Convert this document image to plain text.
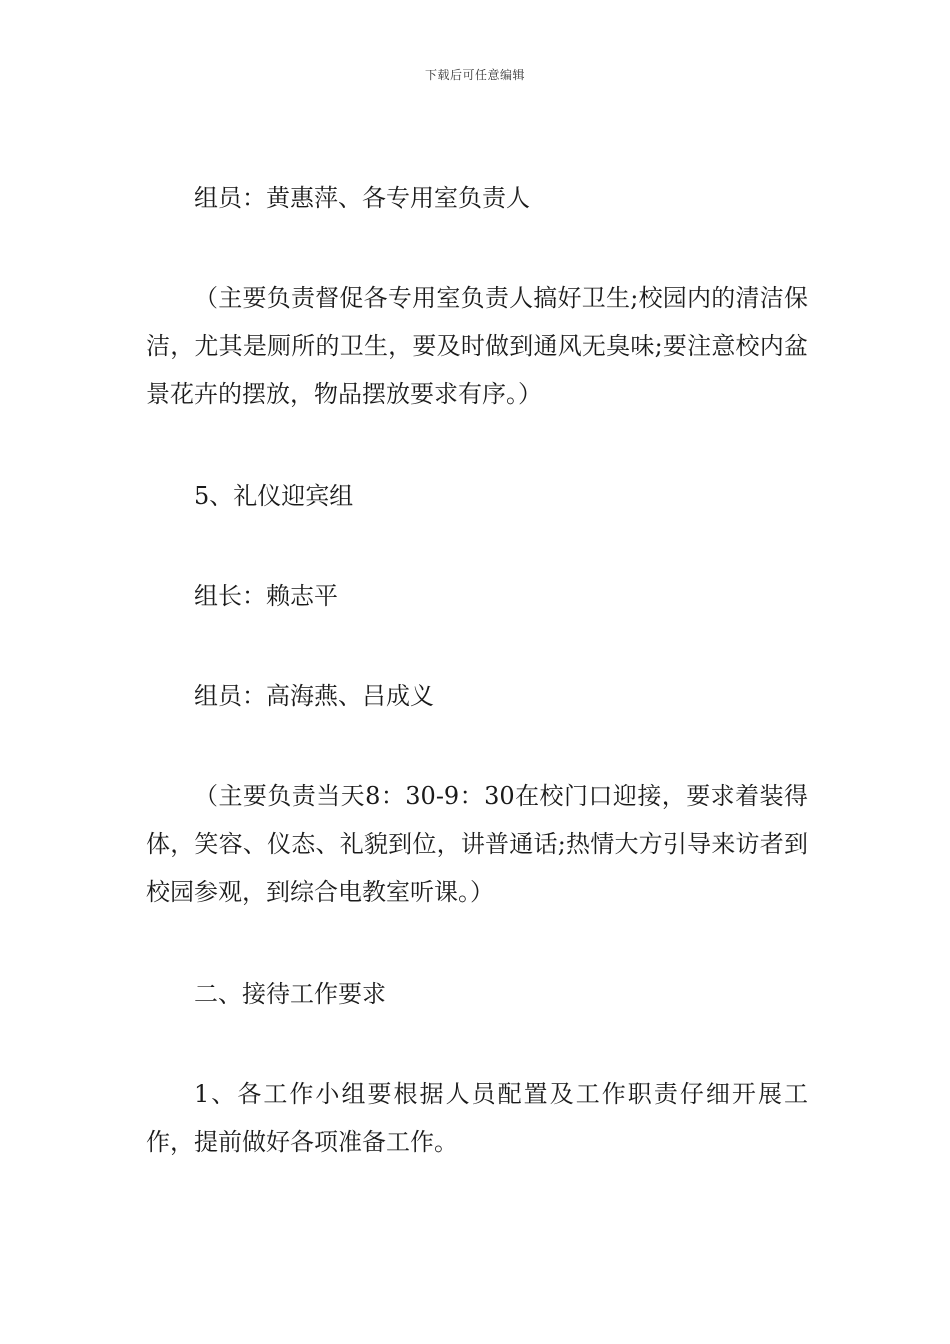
下载后可任意编辑

组员：黄惠萍、各专用室负责人

（主要负责督促各专用室负责人搞好卫生;校园内的清洁保洁，尤其是厕所的卫生，要及时做到通风无臭味;要注意校内盆景花卉的摆放，物品摆放要求有序。）

5、礼仪迎宾组

组长：赖志平

组员：高海燕、吕成义

（主要负责当天8：30-9：30在校门口迎接，要求着装得体，笑容、仪态、礼貌到位，讲普通话;热情大方引导来访者到校园参观，到综合电教室听课。）

二、接待工作要求

1、各工作小组要根据人员配置及工作职责仔细开展工作，提前做好各项准备工作。
